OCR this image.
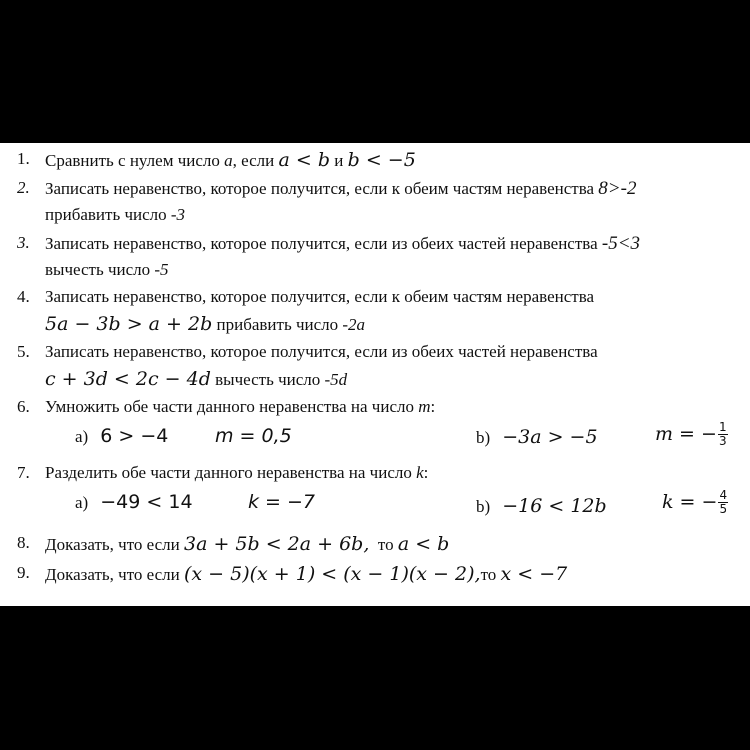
1. Сравнить с нулем число a, если a < b и b < −5
2. Записать неравенство, которое получится, если к обеим частям неравенства 8>-2
прибавить число -3
3. Записать неравенство, которое получится, если из обеих частей неравенства -5<3
вычесть число -5
4. Записать неравенство, которое получится, если к обеим частям неравенства
5a − 3b > a + 2b прибавить число -2a
5. Записать неравенство, которое получится, если из обеих частей неравенства
c + 3d < 2c − 4d вычесть число -5d
6. Умножить обе части данного неравенства на число m:
a) 6 > −4 m = 0,5	b) −3a > −5	m = − $\frac{1}{3}$
7. Разделить обе части данного неравенства на число k:
a) −49 < 14	k = −7	b) −16 < 12b	k = − $\frac{4}{5}$
8. Доказать, что если 3a + 5b < 2a + 6b,  то a < b
9. Доказать, что если (x − 5)(x + 1) < (x − 1)(x − 2),то x < −7
